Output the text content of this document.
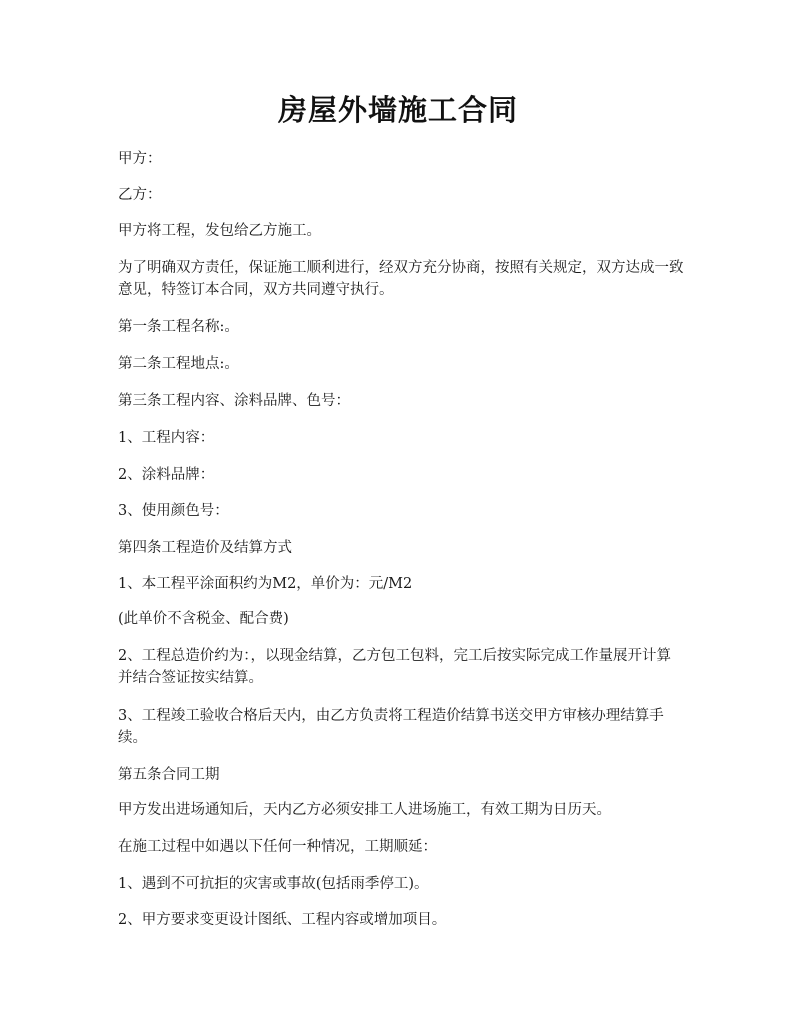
房屋外墙施工合同

甲方：

乙方：

甲方将工程，发包给乙方施工。

为了明确双方责任，保证施工顺利进行，经双方充分协商，按照有关规定，双方达成一致意见，特签订本合同，双方共同遵守执行。

第一条工程名称:。

第二条工程地点:。

第三条工程内容、涂料品牌、色号：

1、工程内容：

2、涂料品牌：

3、使用颜色号：

第四条工程造价及结算方式

1、本工程平涂面积约为M2，单价为：元/M2

(此单价不含税金、配合费)

2、工程总造价约为：，以现金结算，乙方包工包料，完工后按实际完成工作量展开计算并结合签证按实结算。

3、工程竣工验收合格后天内，由乙方负责将工程造价结算书送交甲方审核办理结算手续。

第五条合同工期

甲方发出进场通知后，天内乙方必须安排工人进场施工，有效工期为日历天。

在施工过程中如遇以下任何一种情况，工期顺延：

1、遇到不可抗拒的灾害或事故(包括雨季停工)。

2、甲方要求变更设计图纸、工程内容或增加项目。
